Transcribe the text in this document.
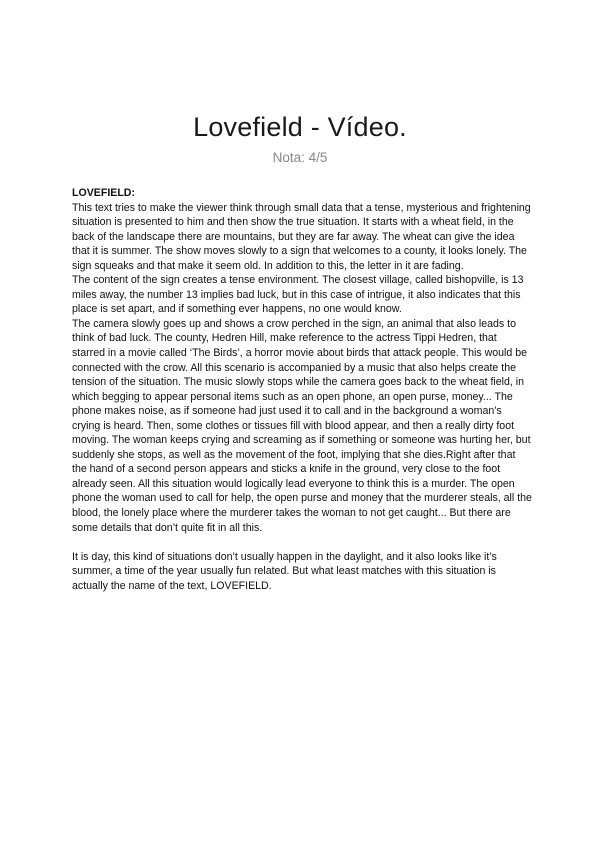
Lovefield - Vídeo.
Nota: 4/5

LOVEFIELD:

This text tries to make the viewer think through small data that a tense, mysterious and frightening situation is presented to him and then show the true situation. It starts with a wheat field, in the back of the landscape there are mountains, but they are far away. The wheat can give the idea that it is summer. The show moves slowly to a sign that welcomes to a county, it looks lonely. The sign squeaks and that make it seem old. In addition to this, the letter in it are fading.

The content of the sign creates a tense environment. The closest village, called bishopville, is 13 miles away, the number 13 implies bad luck, but in this case of intrigue, it also indicates that this place is set apart, and if something ever happens, no one would know.

The camera slowly goes up and shows a crow perched in the sign, an animal that also leads to think of bad luck. The county, Hedren Hill, make reference to the actress Tippi Hedren, that starred in a movie called ‘The Birds’, a horror movie about birds that attack people. This would be connected with the crow. All this scenario is accompanied by a music that also helps create the tension of the situation. The music slowly stops while the camera goes back to the wheat field, in which begging to appear personal items such as an open phone, an open purse, money... The phone makes noise, as if someone had just used it to call and in the background a woman’s crying is heard. Then, some clothes or tissues fill with blood appear, and then a really dirty foot moving. The woman keeps crying and screaming as if something or someone was hurting her, but suddenly she stops, as well as the movement of the foot, implying that she dies.Right after that the hand of a second person appears and sticks a knife in the ground, very close to the foot already seen. All this situation would logically lead everyone to think this is a murder. The open phone the woman used to call for help, the open purse and money that the murderer steals, all the blood, the lonely place where the murderer takes the woman to not get caught... But there are some details that don’t quite fit in all this.

It is day, this kind of situations don’t usually happen in the daylight, and it also looks like it’s summer, a time of the year usually fun related. But what least matches with this situation is actually the name of the text, LOVEFIELD.
